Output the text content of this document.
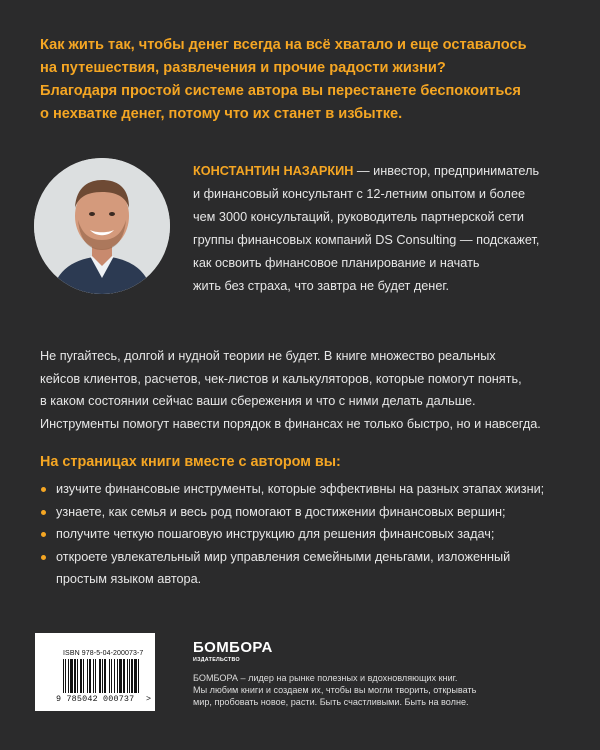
Как жить так, чтобы денег всегда на всё хватало и еще оставалось
на путешествия, развлечения и прочие радости жизни?
Благодаря простой системе автора вы перестанете беспокоиться
о нехватке денег, потому что их станет в избытке.

КОНСТАНТИН НАЗАРКИН — инвестор, предприниматель
и финансовый консультант с 12-летним опытом и более
чем 3000 консультаций, руководитель партнерской сети
группы финансовых компаний DS Consulting — подскажет,
как освоить финансовое планирование и начать
жить без страха, что завтра не будет денег.

Не пугайтесь, долгой и нудной теории не будет. В книге множество реальных
кейсов клиентов, расчетов, чек-листов и калькуляторов, которые помогут понять,
в каком состоянии сейчас ваши сбережения и что с ними делать дальше.
Инструменты помогут навести порядок в финансах не только быстро, но и навсегда.

На страницах книги вместе с автором вы:
изучите финансовые инструменты, которые эффективны на разных этапах жизни;
узнаете, как семья и весь род помогают в достижении финансовых вершин;
получите четкую пошаговую инструкцию для решения финансовых задач;
откроете увлекательный мир управления семейными деньгами, изложенный
простым языком автора.
ISBN 978-5-04-200073-7
9 785042 000737 >
БОМБОРА
ИЗДАТЕЛЬСТВО

БОМБОРА – лидер на рынке полезных и вдохновляющих книг.
Мы любим книги и создаем их, чтобы вы могли творить, открывать
мир, пробовать новое, расти. Быть счастливыми. Быть на волне.
